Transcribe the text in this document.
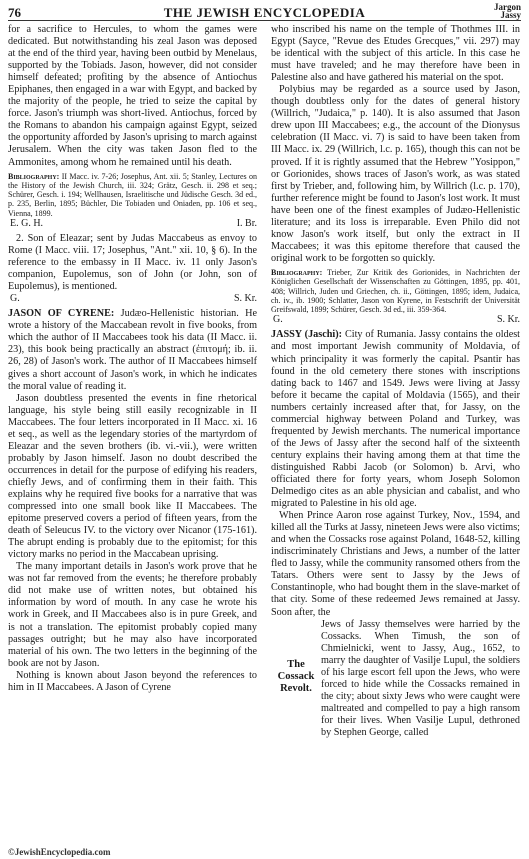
76	THE JEWISH ENCYCLOPEDIA	Jargon
Jassy

for a sacrifice to Hercules, to whom the games were dedicated. But notwithstanding his zeal Jason was deposed at the end of the third year, having been outbid by Menelaus, supported by the Tobiads. Jason, however, did not consider himself defeated; profiting by the absence of Antiochus Epiphanes, then engaged in a war with Egypt, and backed by the majority of the people, he tried to seize the capital by force. Jason's triumph was short-lived. Antiochus, forced by the Romans to abandon his campaign against Egypt, seized the opportunity afforded by Jason's uprising to march against Jerusalem. When the city was taken Jason fled to the Ammonites, among whom he remained until his death.

Bibliography: II Macc. iv. 7-26; Josephus, Ant. xii. 5; Stanley, Lectures on the History of the Jewish Church, iii. 324; Grätz, Gesch. ii. 298 et seq.; Schürer, Gesch. i. 194; Wellhausen, Israelitische und Jüdische Gesch. 3d ed., p. 235, Berlin, 1895; Büchler, Die Tobiaden und Oniaden, pp. 106 et seq., Vienna, 1899.

E. G. H.	I. Br.

2. Son of Eleazar; sent by Judas Maccabeus as envoy to Rome (I Macc. viii. 17; Josephus, "Ant." xii. 10, § 6). In the reference to the embassy in II Macc. iv. 11 only Jason's companion, Eupolemus, son of John (or John, son of Eupolemus), is mentioned.

G.	S. Kr.

JASON OF CYRENE: Judæo-Hellenistic historian. He wrote a history of the Maccabean revolt in five books, from which the author of II Maccabees took his data (II Macc. ii. 23), this book being practically an abstract (ἐπιτομή; ib. ii. 26, 28) of Jason's work. The author of II Maccabees himself gives a short account of Jason's work, in which he indicates the moral value of reading it.

Jason doubtless presented the events in fine rhetorical language, his style being still easily recognizable in II Maccabees. The four letters incorporated in II Macc. xi. 16 et seq., as well as the legendary stories of the martyrdom of Eleazar and the seven brothers (ib. vi.-vii.), were written probably by Jason himself. Jason no doubt described the occurrences in detail for the purpose of edifying his readers, chiefly Jews, and of confirming them in their faith. This explains why he required five books for a narrative that was compressed into one small book like II Maccabees. The epitome preserved covers a period of fifteen years, from the death of Seleucus IV. to the victory over Nicanor (175-161). The abrupt ending is probably due to the epitomist; for this victory marks no period in the Maccabean uprising.

The many important details in Jason's work prove that he was not far removed from the events; he therefore probably did not make use of written notes, but obtained his information by word of mouth. In any case he wrote his work in Greek, and II Maccabees also is in pure Greek, and is not a translation. The epitomist probably copied many passages outright; but he may also have incorporated material of his own. The two letters in the beginning of the book are not by Jason.

Nothing is known about Jason beyond the references to him in II Maccabees. A Jason of Cyrene

who inscribed his name on the temple of Thothmes III. in Egypt (Sayce, "Revue des Etudes Grecques," vii. 297) may be identical with the subject of this article. In this case he must have traveled; and he may therefore have been in Palestine also and have gathered his material on the spot.

Polybius may be regarded as a source used by Jason, though doubtless only for the dates of general history (Willrich, "Judaica," p. 140). It is also assumed that Jason drew upon III Maccabees; e.g., the account of the Dionysus celebration (II Macc. vi. 7) is said to have been taken from III Macc. ix. 29 (Willrich, l.c. p. 165), though this can not be proved. If it is rightly assumed that the Hebrew "Yosippon," or Gorionides, shows traces of Jason's work, as was stated first by Trieber, and, following him, by Willrich (l.c. p. 170), further reference might be found to Jason's lost work. It must have been one of the finest examples of Judæo-Hellenistic literature; and its loss is irreparable. Even Philo did not know Jason's work itself, but only the extract in II Maccabees; it was this epitome therefore that caused the original work to be forgotten so quickly.

Bibliography: Trieber, Zur Kritik des Gorionides, in Nachrichten der Königlichen Gesellschaft der Wissenschaften zu Göttingen, 1895, pp. 401, 408; Willrich, Juden und Griechen, ch. ii., Göttingen, 1895; idem, Judaica, ch. iv., ib. 1900; Schlatter, Jason von Kyrene, in Festschrift der Universität Greifswald, 1899; Schürer, Gesch. 3d ed., iii. 359-364.

G.	S. Kr.

JASSY (Jaschi): City of Rumania. Jassy contains the oldest and most important Jewish community of Moldavia, of which principality it was formerly the capital. Psantir has found in the old cemetery there stones with inscriptions dating back to 1467 and 1549. Jews were living at Jassy before it became the capital of Moldavia (1565), and their numbers certainly increased after that, for Jassy, on the commercial highway between Poland and Turkey, was frequented by Jewish merchants. The numerical importance of the Jews of Jassy after the second half of the sixteenth century explains their having among them at that time the distinguished Rabbi Jacob (or Solomon) b. Arvi, who officiated there for forty years, whom Joseph Solomon Delmedigo cites as an able physician and cabalist, and who migrated to Palestine in his old age.

When Prince Aaron rose against Turkey, Nov., 1594, and killed all the Turks at Jassy, nineteen Jews were also victims; and when the Cossacks rose against Poland, 1648-52, killing indiscriminately Christians and Jews, a number of the latter fled to Jassy, while the community ransomed others from the Tatars. Others were sent to Jassy by the Jews of Constantinople, who had bought them in the slave-market of that city. Some of these redeemed Jews remained at Jassy. Soon after, the

The
Cossack
Revolt.

Jews of Jassy themselves were harried by the Cossacks. When Timush, the son of Chmielnicki, went to Jassy, Aug., 1652, to marry the daughter of Vasilje Lupul, the soldiers of his large escort fell upon the Jews, who were forced to hide while the Cossacks remained in the city; about sixty Jews who were caught were maltreated and compelled to pay a high ransom for their lives. When Vasilje Lupul, dethroned by Stephen George, called

©JewishEncyclopedia.com
